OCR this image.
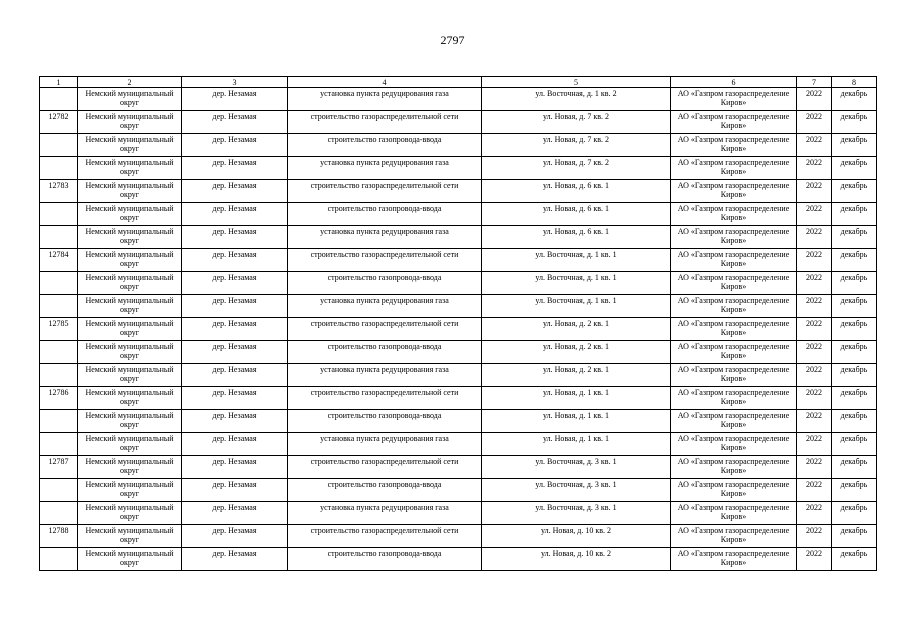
2797
1	2	3	4	5	6	7	8
	Немский муниципальный округ	дер. Незамая	установка пункта редуцирования газа	ул. Восточная, д. 1 кв. 2	АО «Газпром газораспределение Киров»	2022	декабрь
12782	Немский муниципальный округ	дер. Незамая	строительство газораспределительной сети	ул. Новая, д. 7 кв. 2	АО «Газпром газораспределение Киров»	2022	декабрь
	Немский муниципальный округ	дер. Незамая	строительство газопровода-ввода	ул. Новая, д. 7 кв. 2	АО «Газпром газораспределение Киров»	2022	декабрь
	Немский муниципальный округ	дер. Незамая	установка пункта редуцирования газа	ул. Новая, д. 7 кв. 2	АО «Газпром газораспределение Киров»	2022	декабрь
12783	Немский муниципальный округ	дер. Незамая	строительство газораспределительной сети	ул. Новая, д. 6 кв. 1	АО «Газпром газораспределение Киров»	2022	декабрь
	Немский муниципальный округ	дер. Незамая	строительство газопровода-ввода	ул. Новая, д. 6 кв. 1	АО «Газпром газораспределение Киров»	2022	декабрь
	Немский муниципальный округ	дер. Незамая	установка пункта редуцирования газа	ул. Новая, д. 6 кв. 1	АО «Газпром газораспределение Киров»	2022	декабрь
12784	Немский муниципальный округ	дер. Незамая	строительство газораспределительной сети	ул. Восточная, д. 1 кв. 1	АО «Газпром газораспределение Киров»	2022	декабрь
	Немский муниципальный округ	дер. Незамая	строительство газопровода-ввода	ул. Восточная, д. 1 кв. 1	АО «Газпром газораспределение Киров»	2022	декабрь
	Немский муниципальный округ	дер. Незамая	установка пункта редуцирования газа	ул. Восточная, д. 1 кв. 1	АО «Газпром газораспределение Киров»	2022	декабрь
12785	Немский муниципальный округ	дер. Незамая	строительство газораспределительной сети	ул. Новая, д. 2 кв. 1	АО «Газпром газораспределение Киров»	2022	декабрь
	Немский муниципальный округ	дер. Незамая	строительство газопровода-ввода	ул. Новая, д. 2 кв. 1	АО «Газпром газораспределение Киров»	2022	декабрь
	Немский муниципальный округ	дер. Незамая	установка пункта редуцирования газа	ул. Новая, д. 2 кв. 1	АО «Газпром газораспределение Киров»	2022	декабрь
12786	Немский муниципальный округ	дер. Незамая	строительство газораспределительной сети	ул. Новая, д. 1 кв. 1	АО «Газпром газораспределение Киров»	2022	декабрь
	Немский муниципальный округ	дер. Незамая	строительство газопровода-ввода	ул. Новая, д. 1 кв. 1	АО «Газпром газораспределение Киров»	2022	декабрь
	Немский муниципальный округ	дер. Незамая	установка пункта редуцирования газа	ул. Новая, д. 1 кв. 1	АО «Газпром газораспределение Киров»	2022	декабрь
12787	Немский муниципальный округ	дер. Незамая	строительство газораспределительной сети	ул. Восточная, д. 3 кв. 1	АО «Газпром газораспределение Киров»	2022	декабрь
	Немский муниципальный округ	дер. Незамая	строительство газопровода-ввода	ул. Восточная, д. 3 кв. 1	АО «Газпром газораспределение Киров»	2022	декабрь
	Немский муниципальный округ	дер. Незамая	установка пункта редуцирования газа	ул. Восточная, д. 3 кв. 1	АО «Газпром газораспределение Киров»	2022	декабрь
12788	Немский муниципальный округ	дер. Незамая	строительство газораспределительной сети	ул. Новая, д. 10 кв. 2	АО «Газпром газораспределение Киров»	2022	декабрь
	Немский муниципальный округ	дер. Незамая	строительство газопровода-ввода	ул. Новая, д. 10 кв. 2	АО «Газпром газораспределение Киров»	2022	декабрь
